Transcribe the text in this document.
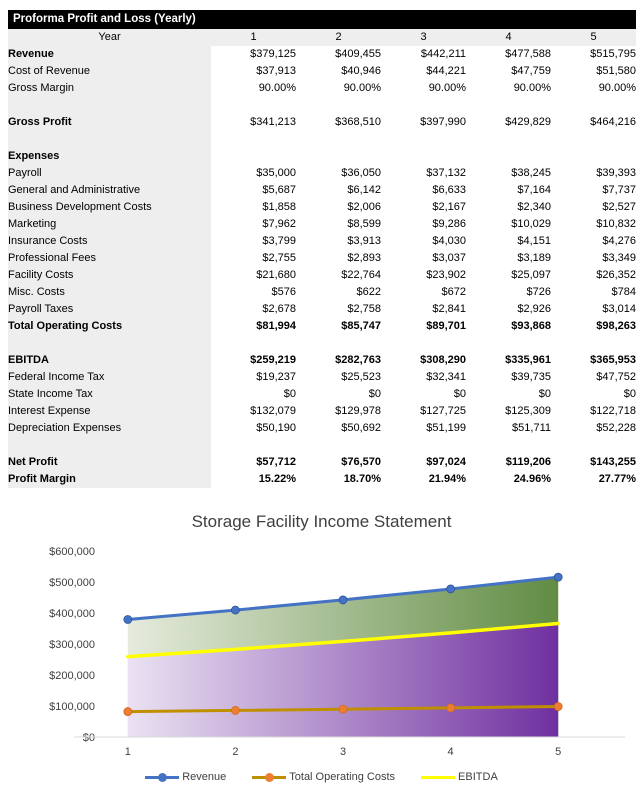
Proforma Profit and Loss (Yearly)
Year	1	2	3	4	5
Revenue	$379,125	$409,455	$442,211	$477,588	$515,795
Cost of Revenue	$37,913	$40,946	$44,221	$47,759	$51,580
Gross Margin	90.00%	90.00%	90.00%	90.00%	90.00%

Gross Profit	$341,213	$368,510	$397,990	$429,829	$464,216

Expenses					
Payroll	$35,000	$36,050	$37,132	$38,245	$39,393
General and Administrative	$5,687	$6,142	$6,633	$7,164	$7,737
Business Development Costs	$1,858	$2,006	$2,167	$2,340	$2,527
Marketing	$7,962	$8,599	$9,286	$10,029	$10,832
Insurance Costs	$3,799	$3,913	$4,030	$4,151	$4,276
Professional Fees	$2,755	$2,893	$3,037	$3,189	$3,349
Facility Costs	$21,680	$22,764	$23,902	$25,097	$26,352
Misc. Costs	$576	$622	$672	$726	$784
Payroll Taxes	$2,678	$2,758	$2,841	$2,926	$3,014
Total Operating Costs	$81,994	$85,747	$89,701	$93,868	$98,263

EBITDA	$259,219	$282,763	$308,290	$335,961	$365,953
Federal Income Tax	$19,237	$25,523	$32,341	$39,735	$47,752
State Income Tax	$0	$0	$0	$0	$0
Interest Expense	$132,079	$129,978	$127,725	$125,309	$122,718
Depreciation Expenses	$50,190	$50,692	$51,199	$51,711	$52,228

Net Profit	$57,712	$76,570	$97,024	$119,206	$143,255
Profit Margin	15.22%	18.70%	21.94%	24.96%	27.77%
Storage Facility Income Statement
$0
$100,000
$200,000
$300,000
$400,000
$500,000
$600,000
1	2	3	4	5
Revenue	Total Operating Costs	EBITDA
